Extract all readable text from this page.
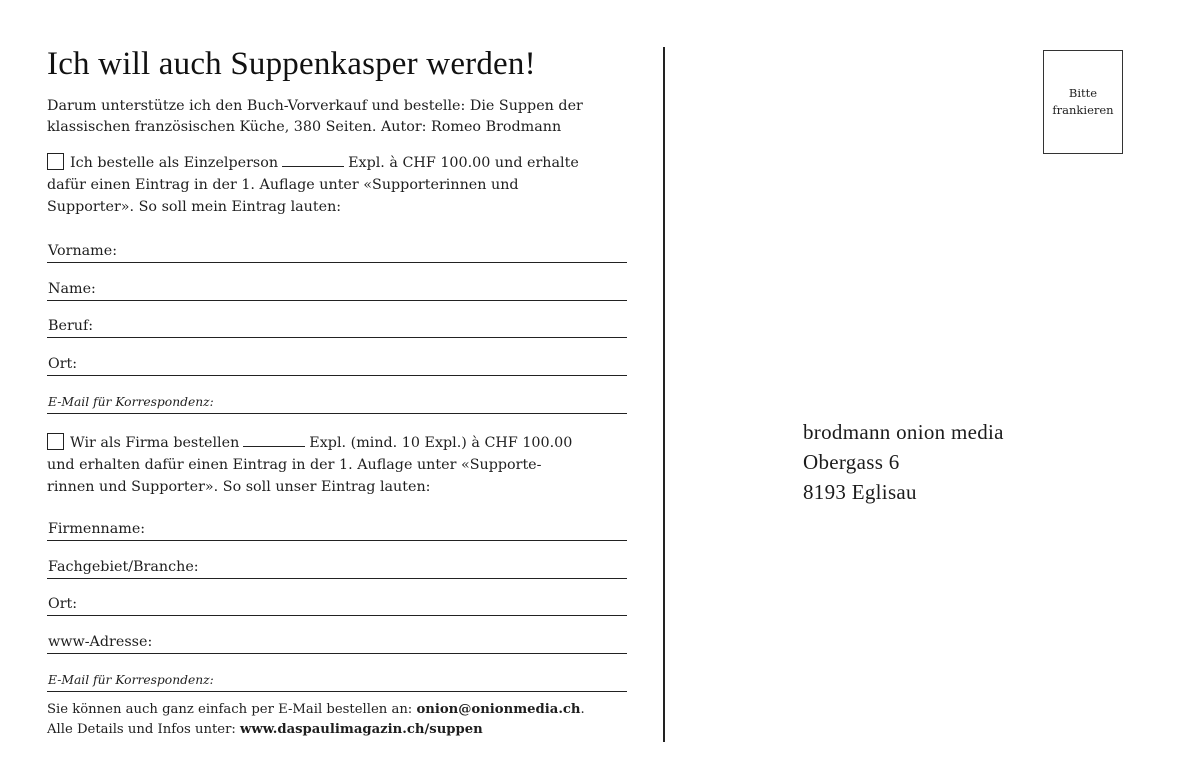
Ich will auch Suppenkasper werden!
Darum unterstütze ich den Buch-Vorverkauf und bestelle: Die Suppen der
klassischen französischen Küche, 380 Seiten. Autor: Romeo Brodmann
Ich bestelle als Einzelperson	Expl. à CHF 100.00 und erhalte
dafür einen Eintrag in der 1. Auflage unter «Supporterinnen und
Supporter». So soll mein Eintrag lauten:
Vorname:
Name:
Beruf:
Ort:
E-Mail für Korrespondenz:
Wir als Firma bestellen	Expl. (mind. 10 Expl.) à CHF 100.00
und erhalten dafür einen Eintrag in der 1. Auflage unter «Supporte-
rinnen und Supporter». So soll unser Eintrag lauten:
Firmenname:
Fachgebiet/Branche:
Ort:
www-Adresse:
E-Mail für Korrespondenz:
Sie können auch ganz einfach per E-Mail bestellen an: onion@onionmedia.ch.
Alle Details und Infos unter: www.daspaulimagazin.ch/suppen
Bitte
frankieren
brodmann onion media
Obergass 6
8193 Eglisau
